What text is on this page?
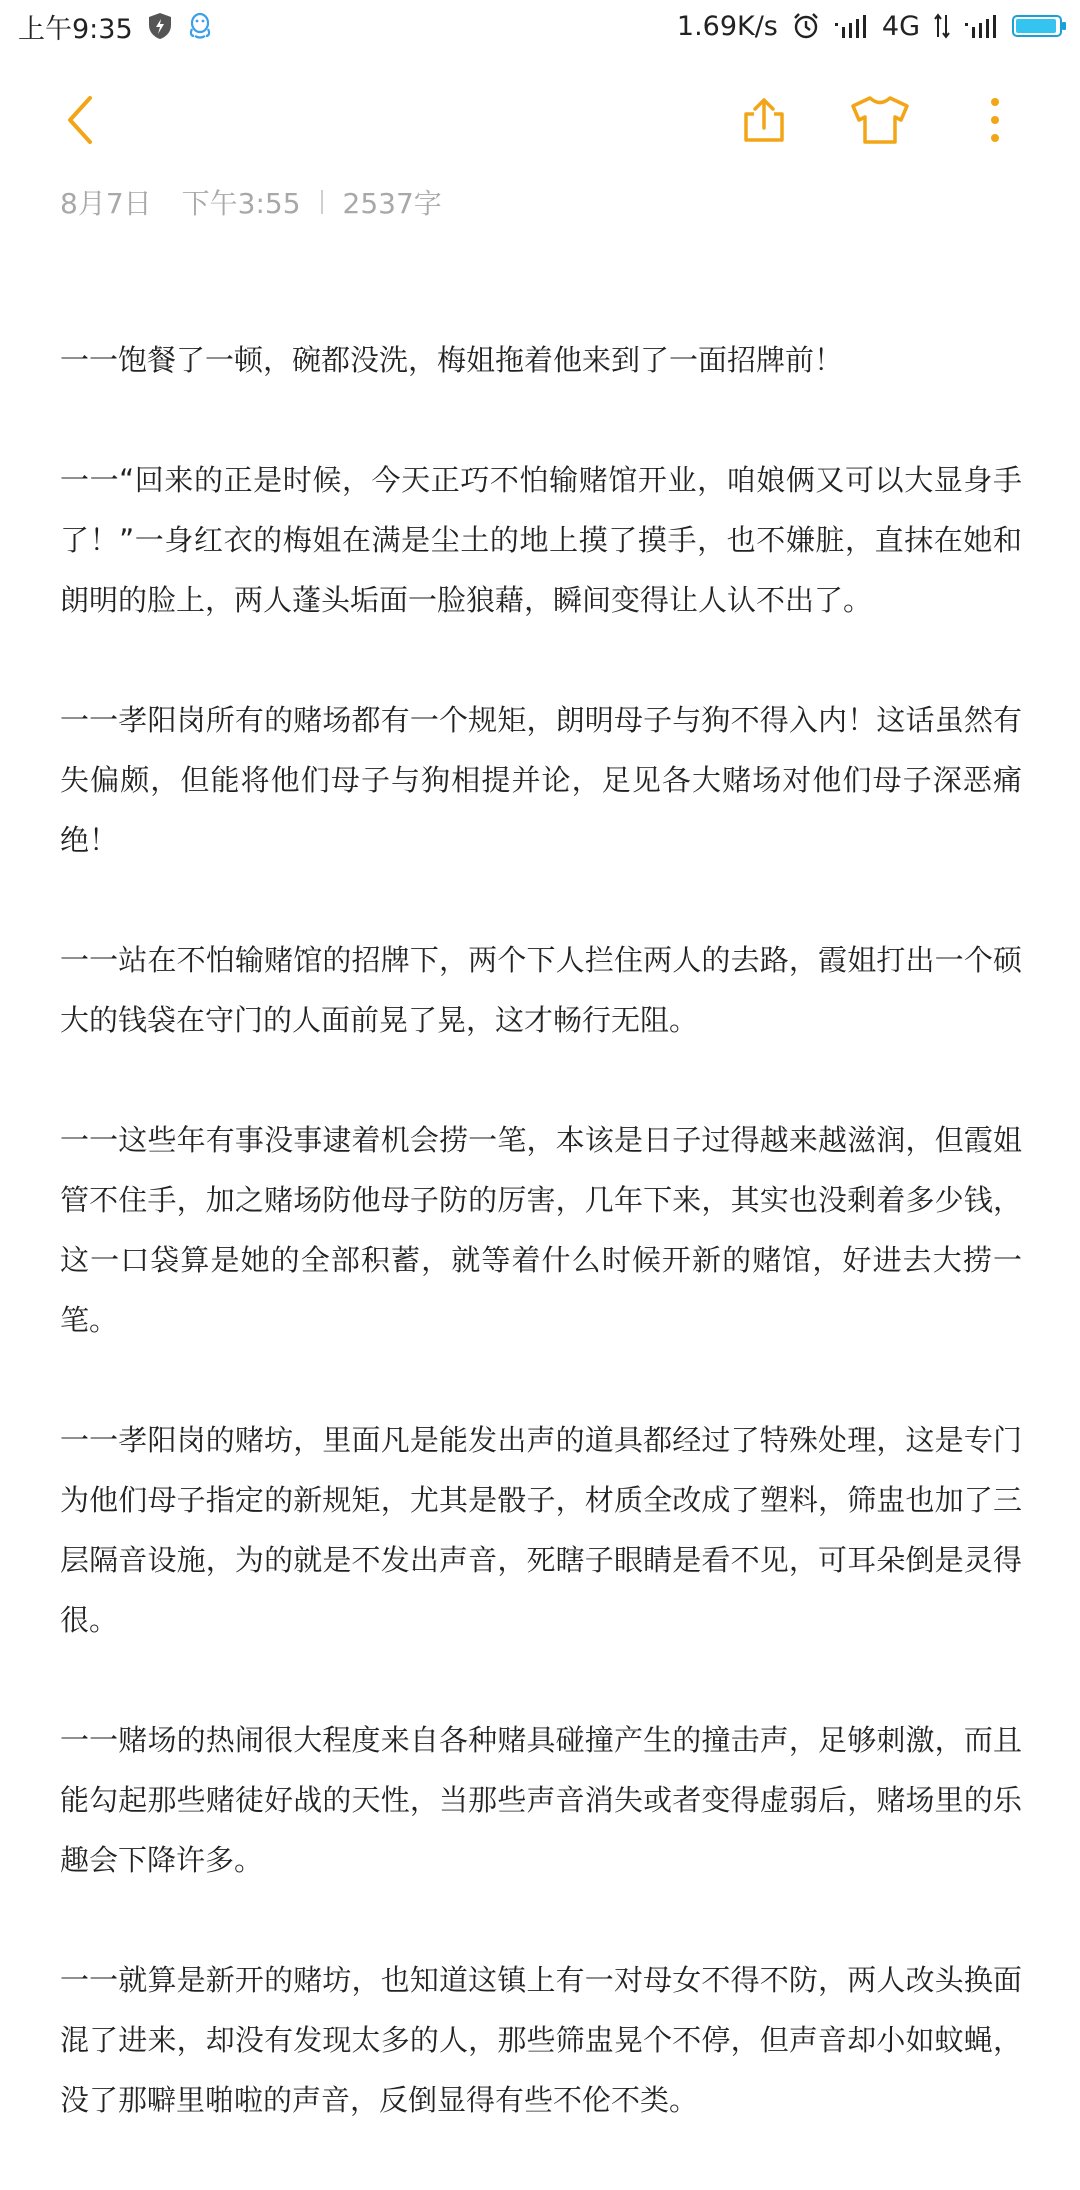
上午9:35	1.69K/s	4G
8月7日 下午3:55 2537字

一一饱餐了一顿，碗都没洗，梅姐拖着他来到了一面招牌前！

一一“回来的正是时候，今天正巧不怕输赌馆开业，咱娘俩又可以大显身手了！”一身红衣的梅姐在满是尘土的地上摸了摸手，也不嫌脏，直抹在她和朗明的脸上，两人蓬头垢面一脸狼藉，瞬间变得让人认不出了。

一一孝阳岗所有的赌场都有一个规矩，朗明母子与狗不得入内！这话虽然有失偏颇，但能将他们母子与狗相提并论，足见各大赌场对他们母子深恶痛绝！

一一站在不怕输赌馆的招牌下，两个下人拦住两人的去路，霞姐打出一个硕大的钱袋在守门的人面前晃了晃，这才畅行无阻。

一一这些年有事没事逮着机会捞一笔，本该是日子过得越来越滋润，但霞姐管不住手，加之赌场防他母子防的厉害，几年下来，其实也没剩着多少钱，这一口袋算是她的全部积蓄，就等着什么时候开新的赌馆，好进去大捞一笔。

一一孝阳岗的赌坊，里面凡是能发出声的道具都经过了特殊处理，这是专门为他们母子指定的新规矩，尤其是骰子，材质全改成了塑料，筛盅也加了三层隔音设施，为的就是不发出声音，死瞎子眼睛是看不见，可耳朵倒是灵得很。

一一赌场的热闹很大程度来自各种赌具碰撞产生的撞击声，足够刺激，而且能勾起那些赌徒好战的天性，当那些声音消失或者变得虚弱后，赌场里的乐趣会下降许多。

一一就算是新开的赌坊，也知道这镇上有一对母女不得不防，两人改头换面混了进来，却没有发现太多的人，那些筛盅晃个不停，但声音却小如蚊蝇，没了那噼里啪啦的声音，反倒显得有些不伦不类。
